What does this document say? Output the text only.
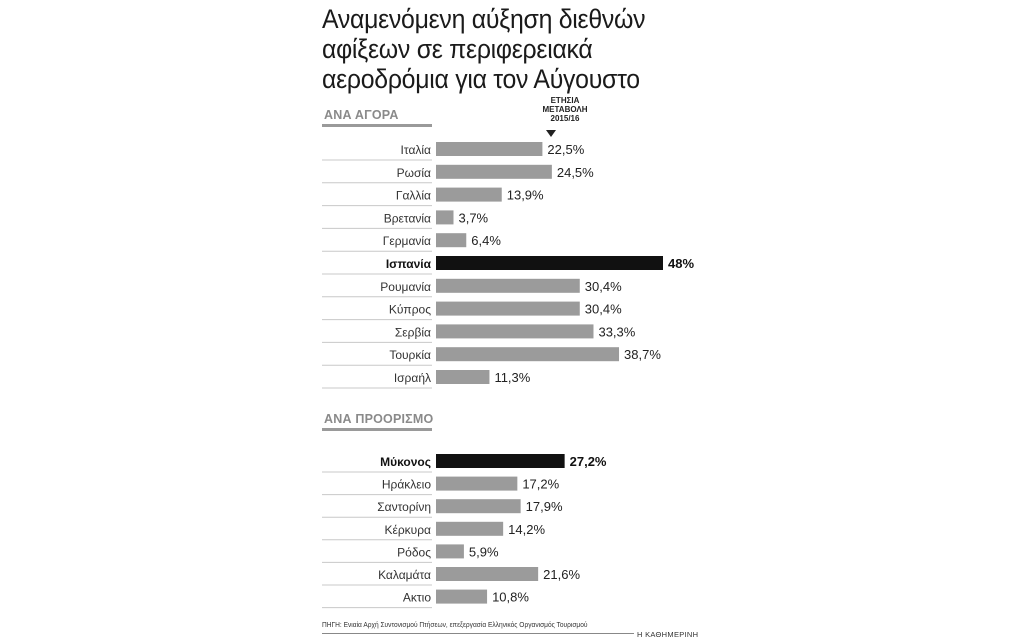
Αναμενόμενη αύξηση διεθνών
αφίξεων σε περιφερειακά
αεροδρόμια για τον Αύγουστο
ΑΝΑ ΑΓΟΡΑ
ΕΤΗΣΙΑ ΜΕΤΑΒΟΛΗ 2015/16
ΑΝΑ ΠΡΟΟΡΙΣΜΟ
Ιταλία	22,5%
Ρωσία	24,5%
Γαλλία	13,9%
Βρετανία 3,7%
Γερμανία	6,4%
Ισπανία	48%
Ρουμανία	30,4%
Κύπρος	30,4%
Σερβία	33,3%
Τουρκία	38,7%
Ισραήλ	11,3%
Μύκονος	27,2%
Ηράκλειο	17,2%
Σαντορίνη	17,9%
Κέρκυρα	14,2%
Ρόδος	5,9%
Καλαμάτα	21,6%
Ακτιο	10,8%
ΠΗΓΗ: Ενιαία Αρχή Συντονισμού Πτήσεων, επεξεργασία Ελληνικός Οργανισμός Τουρισμού
Η ΚΑΘΗΜΕΡΙΝΗ
